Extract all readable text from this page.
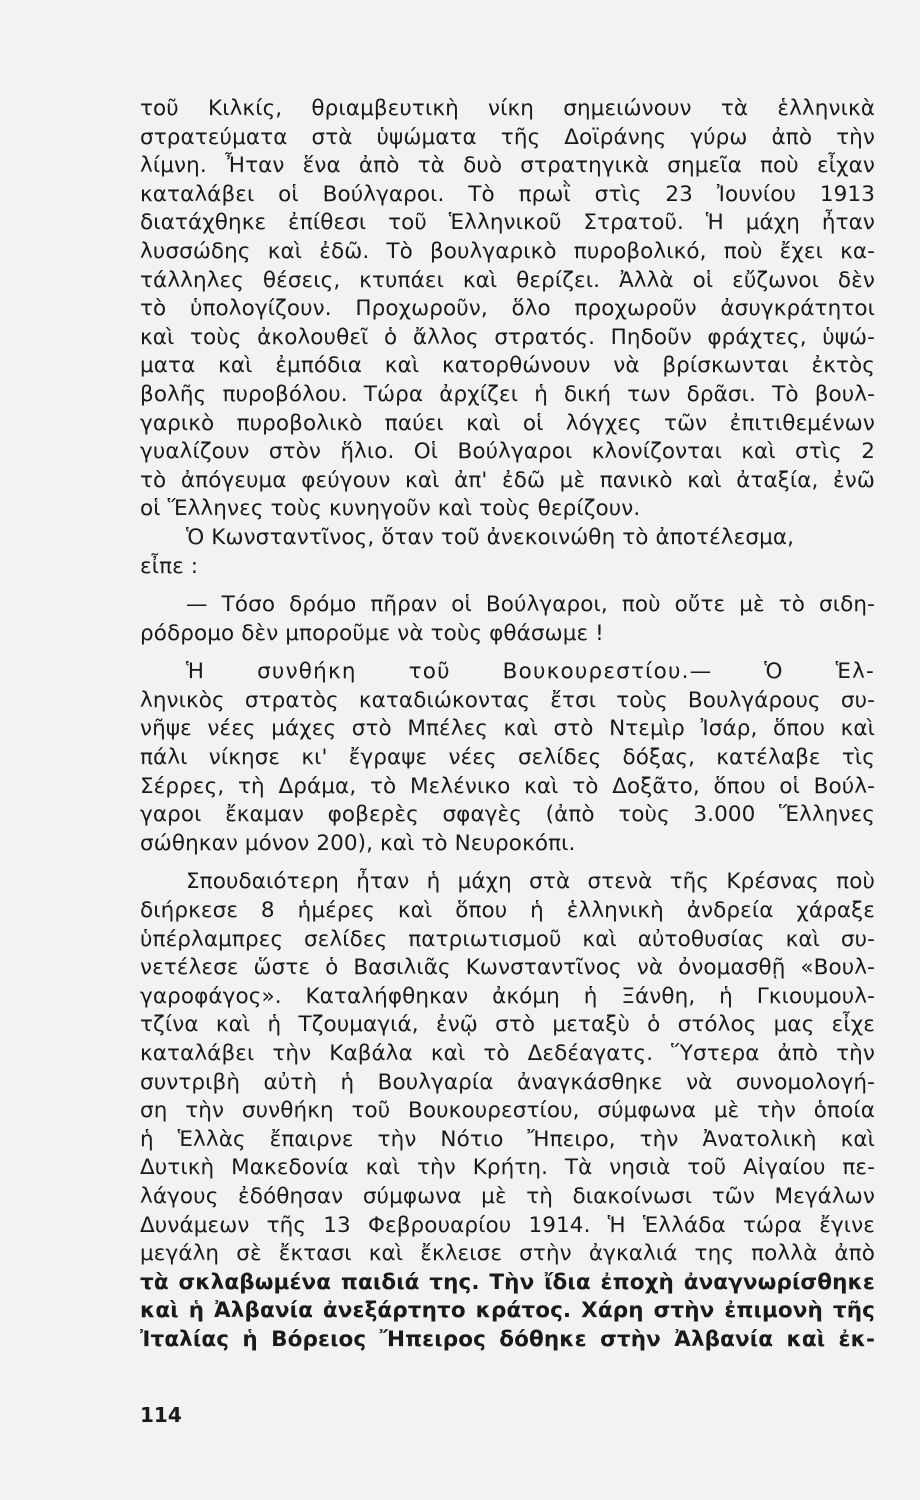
τοῦ Κιλκίς, θριαμβευτικὴ νίκη σημειώνουν τὰ ἑλληνικὰ
στρατεύματα στὰ ὑψώματα τῆς Δοϊράνης γύρω ἀπὸ τὴν
λίμνη. Ἦταν ἕνα ἀπὸ τὰ δυὸ στρατηγικὰ σημεῖα ποὺ εἶχαν
καταλάβει οἱ Βούλγαροι. Τὸ πρωῒ στὶς 23 Ἰουνίου 1913
διατάχθηκε ἐπίθεσι τοῦ Ἑλληνικοῦ Στρατοῦ. Ἡ μάχη ἦταν
λυσσώδης καὶ ἐδῶ. Τὸ βουλγαρικὸ πυροβολικό, ποὺ ἔχει κα-
τάλληλες θέσεις, κτυπάει καὶ θερίζει. Ἀλλὰ οἱ εὔζωνοι δὲν
τὸ ὑπολογίζουν. Προχωροῦν, ὅλο προχωροῦν ἀσυγκράτητοι
καὶ τοὺς ἀκολουθεῖ ὁ ἄλλος στρατός. Πηδοῦν φράχτες, ὑψώ-
ματα καὶ ἐμπόδια καὶ κατορθώνουν νὰ βρίσκωνται ἐκτὸς
βολῆς πυροβόλου. Τώρα ἀρχίζει ἡ δική των δρᾶσι. Τὸ βουλ-
γαρικὸ πυροβολικὸ παύει καὶ οἱ λόγχες τῶν ἐπιτιθεμένων
γυαλίζουν στὸν ἥλιο. Οἱ Βούλγαροι κλονίζονται καὶ στὶς 2
τὸ ἀπόγευμα φεύγουν καὶ ἀπ' ἐδῶ μὲ πανικὸ καὶ ἀταξία, ἐνῶ
οἱ Ἕλληνες τοὺς κυνηγοῦν καὶ τοὺς θερίζουν.
Ὁ Κωνσταντῖνος, ὅταν τοῦ ἀνεκοινώθη τὸ ἀποτέλεσμα,
εἶπε :
— Τόσο δρόμο πῆραν οἱ Βούλγαροι, ποὺ οὔτε μὲ τὸ σιδη-
ρόδρομο δὲν μποροῦμε νὰ τοὺς φθάσωμε !
Ἡ συνθήκη τοῦ Βουκουρεστίου.— Ὁ Ἑλ-
ληνικὸς στρατὸς καταδιώκοντας ἔτσι τοὺς Βουλγάρους συ-
νῆψε νέες μάχες στὸ Μπέλες καὶ στὸ Ντεμὶρ Ἰσάρ, ὅπου καὶ
πάλι νίκησε κι' ἔγραψε νέες σελίδες δόξας, κατέλαβε τὶς
Σέρρες, τὴ Δράμα, τὸ Μελένικο καὶ τὸ Δοξᾶτο, ὅπου οἱ Βούλ-
γαροι ἔκαμαν φοβερὲς σφαγὲς (ἀπὸ τοὺς 3.000 Ἕλληνες
σώθηκαν μόνον 200), καὶ τὸ Νευροκόπι.
Σπουδαιότερη ἦταν ἡ μάχη στὰ στενὰ τῆς Κρέσνας ποὺ
διήρκεσε 8 ἡμέρες καὶ ὅπου ἡ ἑλληνικὴ ἀνδρεία χάραξε
ὑπέρλαμπρες σελίδες πατριωτισμοῦ καὶ αὐτοθυσίας καὶ συ-
νετέλεσε ὥστε ὁ Βασιλιᾶς Κωνσταντῖνος νὰ ὀνομασθῇ «Βουλ-
γαροφάγος». Καταλήφθηκαν ἀκόμη ἡ Ξάνθη, ἡ Γκιουμουλ-
τζίνα καὶ ἡ Τζουμαγιά, ἐνῷ στὸ μεταξὺ ὁ στόλος μας εἶχε
καταλάβει τὴν Καβάλα καὶ τὸ Δεδέαγατς. Ὕστερα ἀπὸ τὴν
συντριβὴ αὐτὴ ἡ Βουλγαρία ἀναγκάσθηκε νὰ συνομολογή-
ση τὴν συνθήκη τοῦ Βουκουρεστίου, σύμφωνα μὲ τὴν ὁποία
ἡ Ἑλλὰς ἔπαιρνε τὴν Νότιο Ἤπειρο, τὴν Ἀνατολικὴ καὶ
Δυτικὴ Μακεδονία καὶ τὴν Κρήτη. Τὰ νησιὰ τοῦ Αἰγαίου πε-
λάγους ἐδόθησαν σύμφωνα μὲ τὴ διακοίνωσι τῶν Μεγάλων
Δυνάμεων τῆς 13 Φεβρουαρίου 1914. Ἡ Ἑλλάδα τώρα ἔγινε
μεγάλη σὲ ἔκτασι καὶ ἔκλεισε στὴν ἀγκαλιά της πολλὰ ἀπὸ
τὰ σκλαβωμένα παιδιά της. Τὴν ἴδια ἐποχὴ ἀναγνωρίσθηκε
καὶ ἡ Ἀλβανία ἀνεξάρτητο κράτος. Χάρη στὴν ἐπιμονὴ τῆς
Ἰταλίας ἡ Βόρειος Ἤπειρος δόθηκε στὴν Ἀλβανία καὶ ἐκ-
114
